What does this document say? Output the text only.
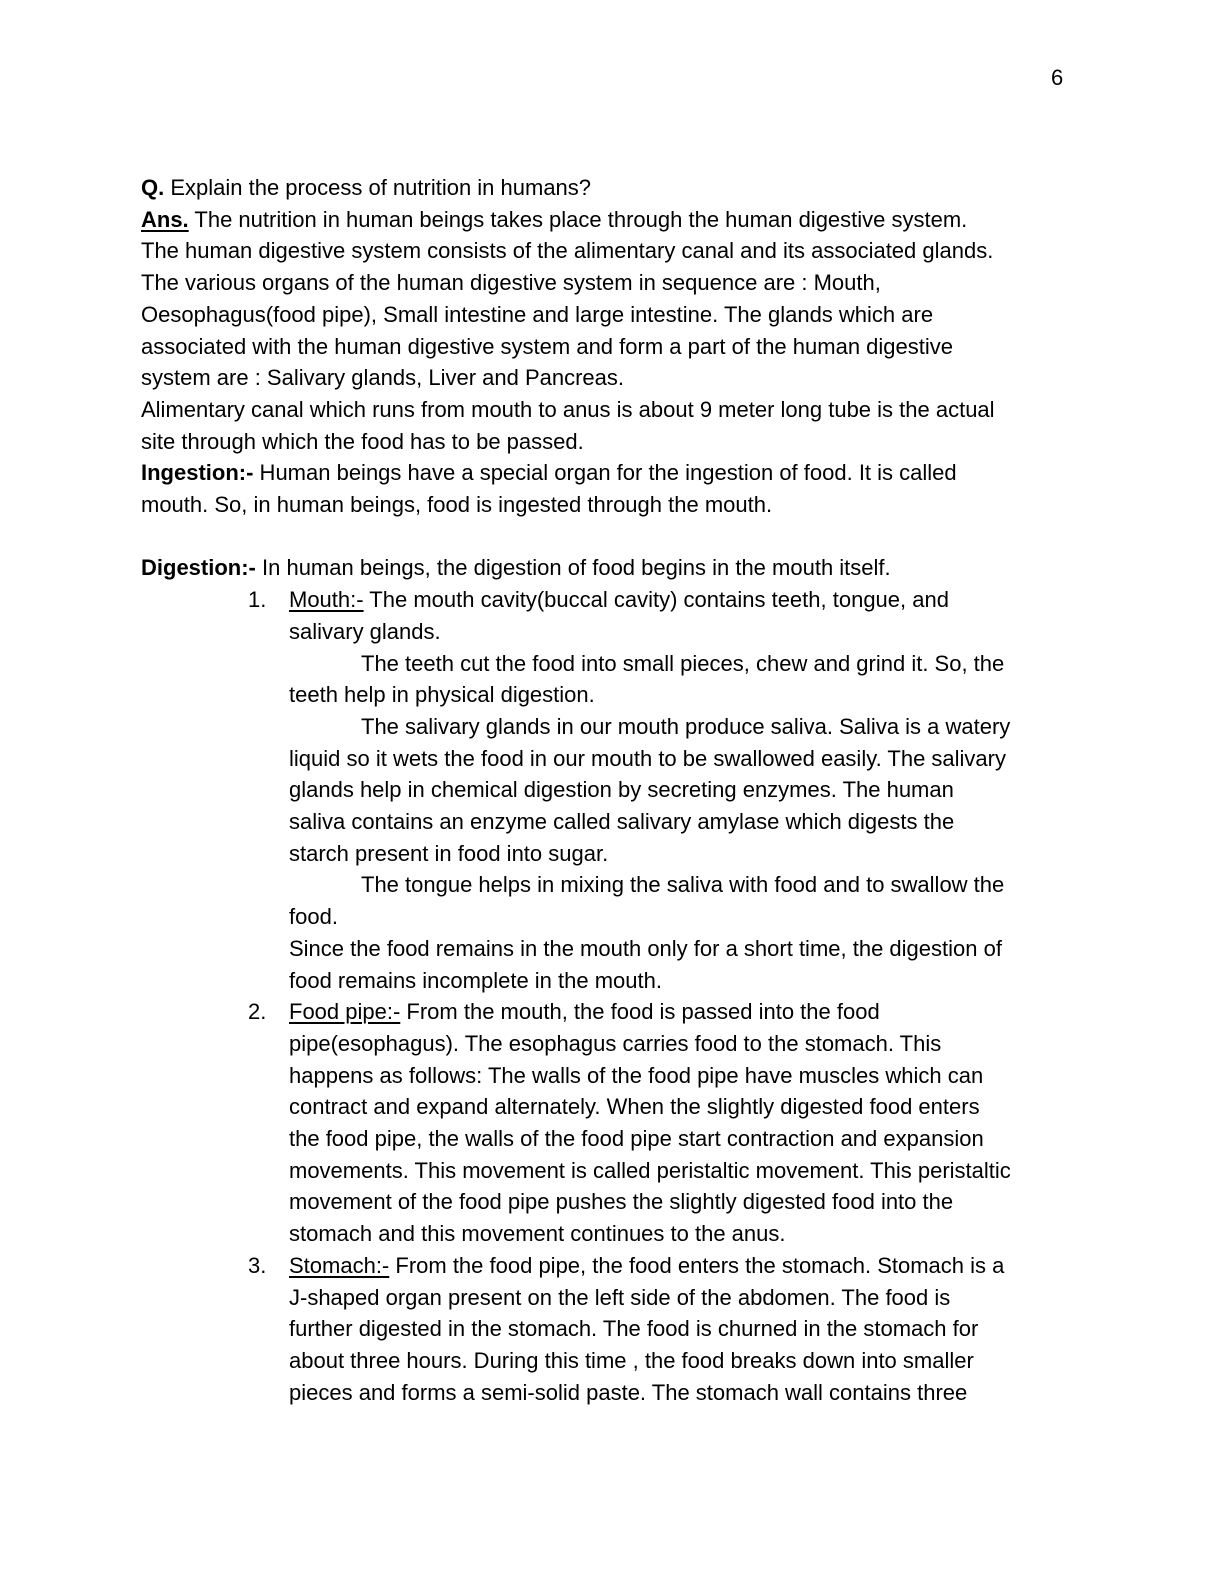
6

Q. Explain the process of nutrition in humans?

Ans. The nutrition in human beings takes place through the human digestive system.
The human digestive system consists of the alimentary canal and its associated glands.
The various organs of the human digestive system in sequence are : Mouth,
Oesophagus(food pipe), Small intestine and large intestine. The glands which are
associated with the human digestive system and form a part of the human digestive
system are : Salivary glands, Liver and Pancreas.

Alimentary canal which runs from mouth to anus is about 9 meter long tube is the actual
site through which the food has to be passed.

Ingestion:- Human beings have a special organ for the ingestion of food. It is called
mouth. So, in human beings, food is ingested through the mouth.

Digestion:- In human beings, the digestion of food begins in the mouth itself.

1. Mouth:- The mouth cavity(buccal cavity) contains teeth, tongue, and
salivary glands.
	The teeth cut the food into small pieces, chew and grind it. So, the
teeth help in physical digestion.
	The salivary glands in our mouth produce saliva. Saliva is a watery
liquid so it wets the food in our mouth to be swallowed easily. The salivary
glands help in chemical digestion by secreting enzymes. The human
saliva contains an enzyme called salivary amylase which digests the
starch present in food into sugar.
	The tongue helps in mixing the saliva with food and to swallow the
food.
Since the food remains in the mouth only for a short time, the digestion of
food remains incomplete in the mouth.
2. Food pipe:- From the mouth, the food is passed into the food
pipe(esophagus). The esophagus carries food to the stomach. This
happens as follows: The walls of the food pipe have muscles which can
contract and expand alternately. When the slightly digested food enters
the food pipe, the walls of the food pipe start contraction and expansion
movements. This movement is called peristaltic movement. This peristaltic
movement of the food pipe pushes the slightly digested food into the
stomach and this movement continues to the anus.
3. Stomach:- From the food pipe, the food enters the stomach. Stomach is a
J-shaped organ present on the left side of the abdomen. The food is
further digested in the stomach. The food is churned in the stomach for
about three hours. During this time , the food breaks down into smaller
pieces and forms a semi-solid paste. The stomach wall contains three
